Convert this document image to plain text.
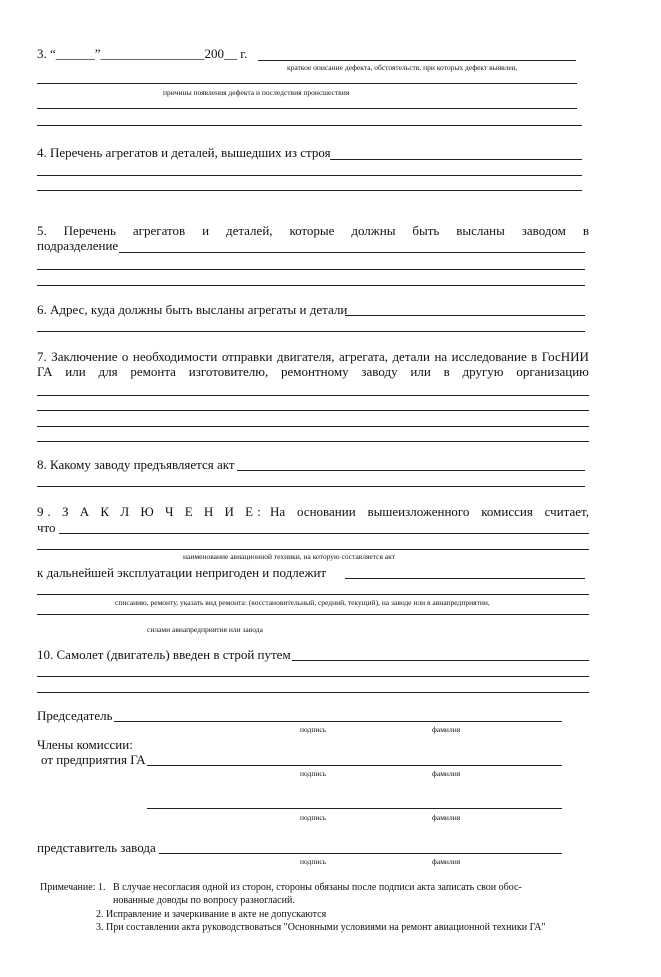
3. “______”________________200__ г.
краткое описание дефекта, обстоятельств, при которых дефект выявлен,
причины появления дефекта и последствия происшествия
4. Перечень агрегатов и деталей, вышедших из строя
5. Перечень агрегатов и деталей, которые должны быть высланы заводом в
подразделение
6. Адрес, куда должны быть высланы агрегаты и детали
7. Заключение о необходимости отправки двигателя, агрегата, детали на исследование в ГосНИИ
ГА или для ремонта изготовителю, ремонтному заводу или в другую организацию
8. Какому заводу предъявляется акт
9. З А К Л Ю Ч Е Н И Е: На основании вышеизложенного комиссия считает,
что
наименование авиационной техники, на которую составляется акт
к дальнейшей эксплуатации непригоден и подлежит
списанию, ремонту, указать вид ремонта: (восстановительный, средний, текущий), на заводе или в авиапредприятии,
силами авиапредприятия или завода
10. Самолет (двигатель) введен в строй путем
Председатель
подпись	фамилия
Члены комиссии:
от предприятия ГА
подпись	фамилия
подпись	фамилия
представитель завода
подпись	фамилия
Примечание: 1. В случае несогласия одной из сторон, стороны обязаны после подписи акта записать свои обос-
нованные доводы по вопросу разногласий.
2. Исправление и зачеркивание в акте не допускаются
3. При составлении акта руководствоваться "Основными условиями на ремонт авиационной техники ГА"
